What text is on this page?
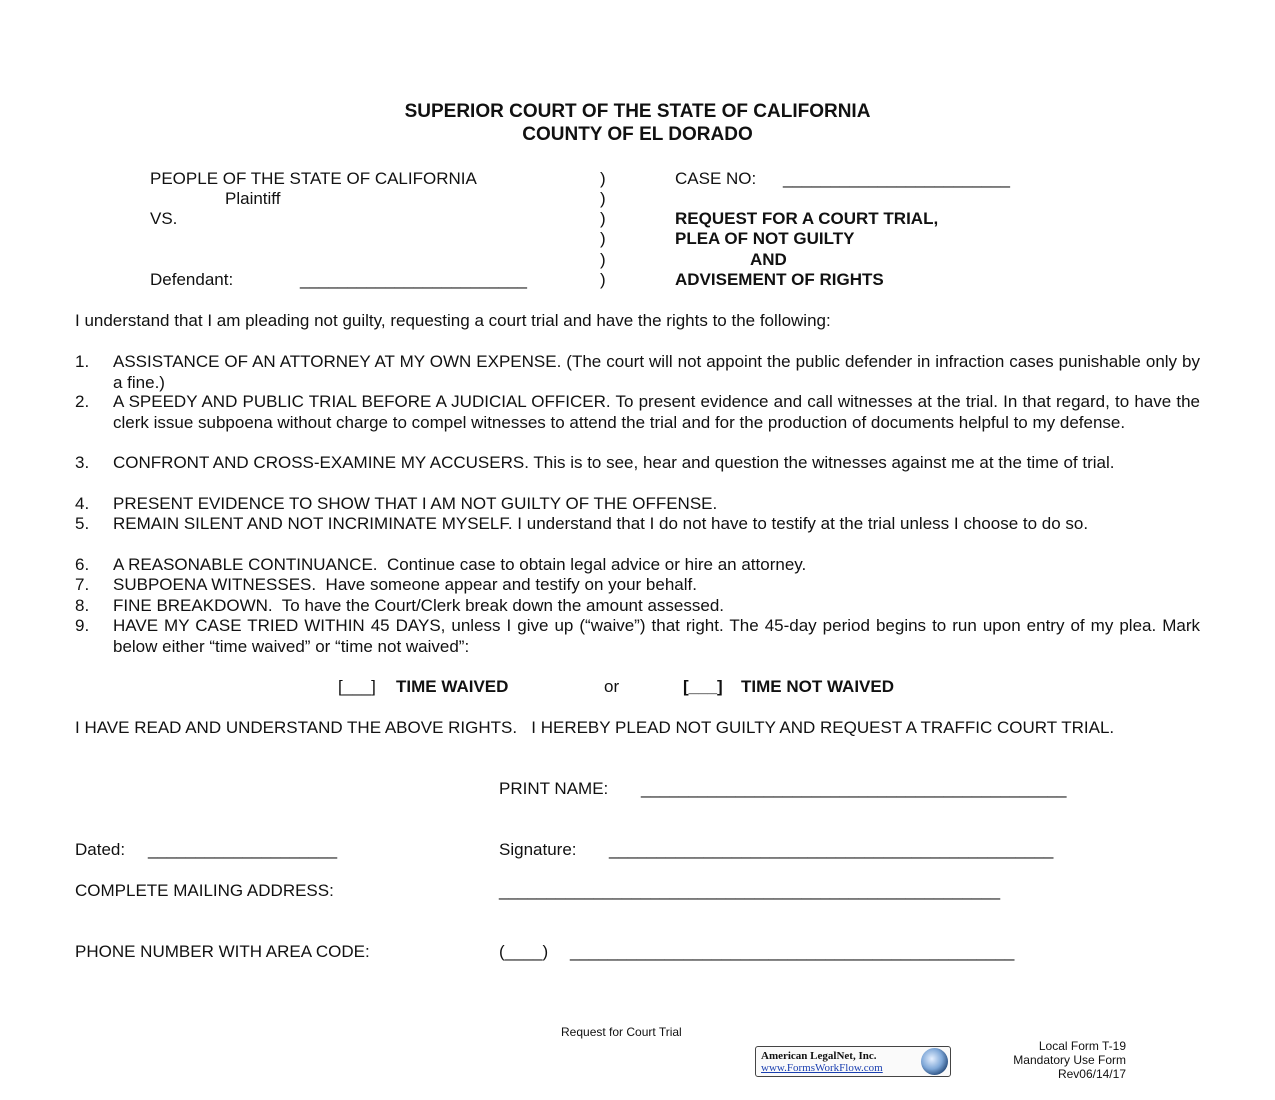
SUPERIOR COURT OF THE STATE OF CALIFORNIA
COUNTY OF EL DORADO
PEOPLE OF THE STATE OF CALIFORNIA
Plaintiff
VS.
Defendant:	________________________
)
)
)
)
)
)
CASE NO: ________________________
REQUEST FOR A COURT TRIAL,
PLEA OF NOT GUILTY
AND
ADVISEMENT OF RIGHTS
I understand that I am pleading not guilty, requesting a court trial and have the rights to the following:
1. ASSISTANCE OF AN ATTORNEY AT MY OWN EXPENSE. (The court will not appoint the public defender in infraction cases punishable only by a fine.)
2. A SPEEDY AND PUBLIC TRIAL BEFORE A JUDICIAL OFFICER. To present evidence and call witnesses at the trial. In that regard, to have the clerk issue subpoena without charge to compel witnesses to attend the trial and for the production of documents helpful to my defense.
3. CONFRONT AND CROSS-EXAMINE MY ACCUSERS. This is to see, hear and question the witnesses against me at the time of trial.
4. PRESENT EVIDENCE TO SHOW THAT I AM NOT GUILTY OF THE OFFENSE.
5. REMAIN SILENT AND NOT INCRIMINATE MYSELF. I understand that I do not have to testify at the trial unless I choose to do so.
6. A REASONABLE CONTINUANCE.  Continue case to obtain legal advice or hire an attorney.
7. SUBPOENA WITNESSES.  Have someone appear and testify on your behalf.
8. FINE BREAKDOWN.  To have the Court/Clerk break down the amount assessed.
9. HAVE MY CASE TRIED WITHIN 45 DAYS, unless I give up (“waive”) that right. The 45-day period begins to run upon entry of my plea. Mark below either “time waived” or “time not waived”:
[___] TIME WAIVED	or	[___] TIME NOT WAIVED
I HAVE READ AND UNDERSTAND THE ABOVE RIGHTS.   I HEREBY PLEAD NOT GUILTY AND REQUEST A TRAFFIC COURT TRIAL.
PRINT NAME: _____________________________________________
Dated: ____________________	Signature: _______________________________________________
COMPLETE MAILING ADDRESS:	_____________________________________________________
PHONE NUMBER WITH AREA CODE:	(____) _______________________________________________
Request for Court Trial
American LegalNet, Inc.
www.FormsWorkFlow.com
Local Form T-19
Mandatory Use Form
Rev06/14/17
